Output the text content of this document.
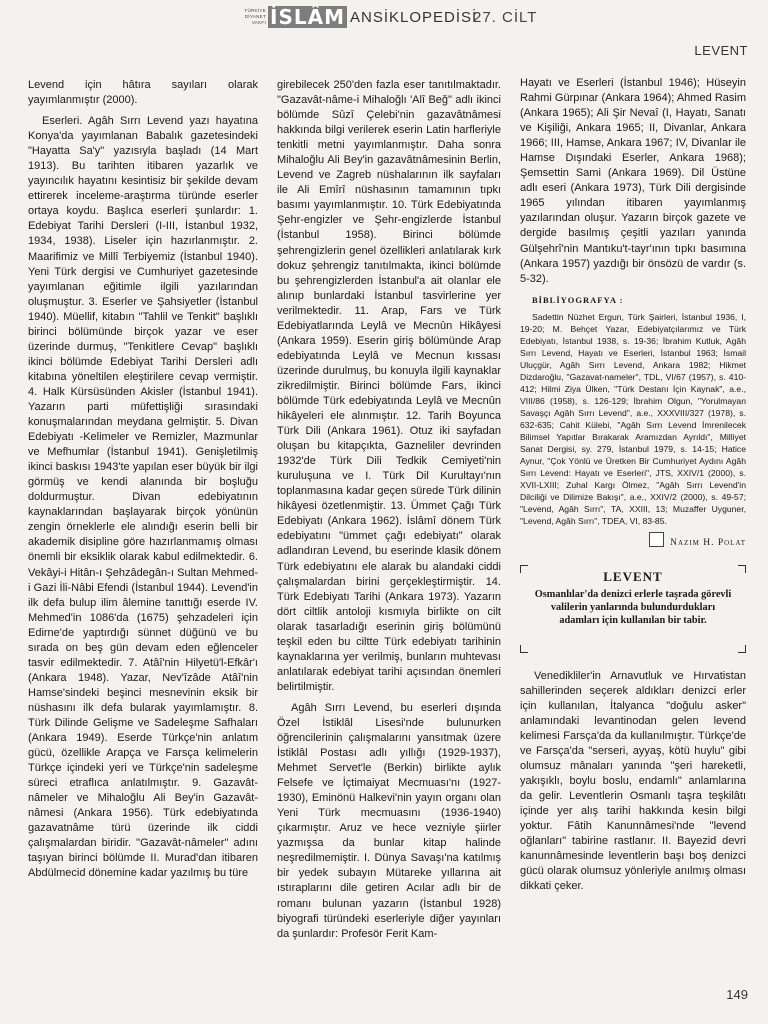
TÜRKİYE
DİYANET
VAKFI İSLÂM ANSİKLOPEDİSİ
27. CİLT
LEVENT

Levend için hâtıra sayıları olarak yayımlanmıştır (2000).

Eserleri. Agâh Sırrı Levend yazı hayatına Konya'da yayımlanan Babalık gazetesindeki "Hayatta Sa'y" yazısıyla başladı (14 Mart 1913). Bu tarihten itibaren yazarlık ve yayıncılık hayatını kesintisiz bir şekilde devam ettirerek inceleme-araştırma türünde eserler ortaya koydu. Başlıca eserleri şunlardır: 1. Edebiyat Tarihi Dersleri (I-III, İstanbul 1932, 1934, 1938). Liseler için hazırlanmıştır. 2. Maarifimiz ve Millî Terbiyemiz (İstanbul 1940). Yeni Türk dergisi ve Cumhuriyet gazetesinde yayımlanan eğitimle ilgili yazılarından oluşmuştur. 3. Eserler ve Şahsiyetler (İstanbul 1940). Müellif, kitabın "Tahlil ve Tenkit" başlıklı birinci bölümünde birçok yazar ve eser üzerinde durmuş, "Tenkitlere Cevap" başlıklı ikinci bölümde Edebiyat Tarihi Dersleri adlı kitabına yöneltilen eleştirilere cevap vermiştir. 4. Halk Kürsüsünden Akisler (İstanbul 1941). Yazarın parti müfettişliği sırasındaki konuşmalarından meydana gelmiştir. 5. Divan Edebiyatı -Kelimeler ve Remizler, Mazmunlar ve Mefhumlar (İstanbul 1941). Genişletilmiş ikinci baskısı 1943'te yapılan eser büyük bir ilgi görmüş ve kendi alanında bir boşluğu doldurmuştur. Divan edebiyatının kaynaklarından başlayarak birçok yönünün zengin örneklerle ele alındığı eserin belli bir akademik disipline göre hazırlanmamış olması önemli bir eksiklik olarak kabul edilmektedir. 6. Vekâyi-i Hitân-ı Şehzâdegân-ı Sultan Mehmed-i Gazi İli-Nâbi Efendi (İstanbul 1944). Levend'in ilk defa bulup ilim âlemine tanıttığı eserde IV. Mehmed'in 1086'da (1675) şehzadeleri için Edirne'de yaptırdığı sünnet düğünü ve bu sırada on beş gün devam eden eğlenceler tasvir edilmektedir. 7. Atâî'nin Hilyetü'l-Efkâr'ı (Ankara 1948). Yazar, Nev'îzâde Atâî'nin Hamse'sindeki beşinci mesnevinin eksik bir nüshasını ilk defa bularak yayımlamıştır. 8. Türk Dilinde Gelişme ve Sadeleşme Safhaları (Ankara 1949). Eserde Türkçe'nin anlatım gücü, özellikle Arapça ve Farsça kelimelerin Türkçe içindeki yeri ve Türkçe'nin sadeleşme süreci etraflıca anlatılmıştır. 9. Gazavât-nâmeler ve Mihaloğlu Ali Bey'in Gazavât-nâmesi (Ankara 1956). Türk edebiyatında gazavatnâme türü üzerinde ilk ciddi çalışmalardan biridir. "Gazavât-nâmeler" adını taşıyan birinci bölümde II. Murad'dan itibaren Abdülmecid dönemine kadar yazılmış bu türe

girebilecek 250'den fazla eser tanıtılmaktadır. "Gazavât-nâme-i Mihaloğlı 'Alî Beğ" adlı ikinci bölümde Sûzî Çelebi'nin gazavâtnâmesi hakkında bilgi verilerek eserin Latin harfleriyle tenkitli metni yayımlanmıştır. Daha sonra Mihaloğlu Ali Bey'in gazavâtnâmesinin Berlin, Levend ve Zagreb nüshalarının ilk sayfaları ile Ali Emîrî nüshasının tamamının tıpkı basımı yayımlanmıştır. 10. Türk Edebiyatında Şehr-engizler ve Şehr-engizlerde İstanbul (İstanbul 1958). Birinci bölümde şehrengizlerin genel özellikleri anlatılarak kırk dokuz şehrengiz tanıtılmakta, ikinci bölümde bu şehrengizlerden İstanbul'a ait olanlar ele alınıp bunlardaki İstanbul tasvirlerine yer verilmektedir. 11. Arap, Fars ve Türk Edebiyatlarında Leylâ ve Mecnûn Hikâyesi (Ankara 1959). Eserin giriş bölümünde Arap edebiyatında Leylâ ve Mecnun kıssası üzerinde durulmuş, bu konuyla ilgili kaynaklar zikredilmiştir. Birinci bölümde Fars, ikinci bölümde Türk edebiyatında Leylâ ve Mecnûn hikâyeleri ele alınmıştır. 12. Tarih Boyunca Türk Dili (Ankara 1961). Otuz iki sayfadan oluşan bu kitapçıkta, Gazneliler devrinden 1932'de Türk Dili Tedkik Cemiyeti'nin kuruluşuna ve I. Türk Dil Kurultayı'nın toplanmasına kadar geçen sürede Türk dilinin hikâyesi özetlenmiştir. 13. Ümmet Çağı Türk Edebiyatı (Ankara 1962). İslâmî dönem Türk edebiyatını "ümmet çağı edebiyatı" olarak adlandıran Levend, bu eserinde klasik dönem Türk edebiyatını ele alarak bu alandaki ciddi çalışmalardan birini gerçekleştirmiştir. 14. Türk Edebiyatı Tarihi (Ankara 1973). Yazarın dört ciltlik antoloji kısmıyla birlikte on cilt olarak tasarladığı eserinin giriş bölümünü teşkil eden bu ciltte Türk edebiyatı tarihinin kaynaklarına yer verilmiş, bunların muhtevası anlatılarak edebiyat tarihi açısından önemleri belirtilmiştir.

Agâh Sırrı Levend, bu eserleri dışında Özel İstiklâl Lisesi'nde bulunurken öğrencilerinin çalışmalarını yansıtmak üzere İstiklâl Postası adlı yıllığı (1929-1937), Mehmet Servet'le (Berkin) birlikte aylık Felsefe ve İçtimaiyat Mecmuası'nı (1927-1930), Eminönü Halkevi'nin yayın organı olan Yeni Türk mecmuasını (1936-1940) çıkarmıştır. Aruz ve hece vezniyle şiirler yazmışsa da bunlar kitap halinde neşredilmemiştir. I. Dünya Savaşı'na katılmış bir yedek subayın Mütareke yıllarına ait ıstıraplarını dile getiren Acılar adlı bir de romanı bulunan yazarın (İstanbul 1928) biyografi türündeki eserleriyle diğer yayınları da şunlardır: Profesör Ferit Kam-

Hayatı ve Eserleri (İstanbul 1946); Hüseyin Rahmi Gürpınar (Ankara 1964); Ahmed Rasim (Ankara 1965); Ali Şir Nevaî (I, Hayatı, Sanatı ve Kişiliği, Ankara 1965; II, Divanlar, Ankara 1966; III, Hamse, Ankara 1967; IV, Divanlar ile Hamse Dışındaki Eserler, Ankara 1968); Şemsettin Sami (Ankara 1969). Dil Üstüne adlı eseri (Ankara 1973), Türk Dili dergisinde 1965 yılından itibaren yayımlanmış yazılarından oluşur. Yazarın birçok gazete ve dergide basılmış çeşitli yazıları yanında Gülşehrî'nin Mantıku't-tayr'ının tıpkı basımına (Ankara 1957) yazdığı bir önsözü de vardır (s. 5-32).

BİBLİYOGRAFYA :

Sadettin Nüzhet Ergun, Türk Şairleri, İstanbul 1936, I, 19-20; M. Behçet Yazar, Edebiyatçılarımız ve Türk Edebiyatı, İstanbul 1938, s. 19-36; İbrahim Kutluk, Agâh Sırrı Levend, Hayatı ve Eserleri, İstanbul 1963; İsmail Uluçgür, Agâh Sırrı Levend, Ankara 1982; Hikmet Dizdaroğlu, "Gazavat-nameler", TDL, VI/67 (1957), s. 410-412; Hilmi Ziya Ülken, "Türk Destanı İçin Kaynak", a.e., VIII/86 (1958), s. 126-129; İbrahim Olgun, "Yorulmayan Savaşçı Agâh Sırrı Levend", a.e., XXXVIII/327 (1978), s. 632-635; Cahit Külebi, "Agâh Sırrı Levend İmrenilecek Bilimsel Yapıtlar Bırakarak Aramızdan Ayrıldı", Milliyet Sanat Dergisi, sy. 279, İstanbul 1979, s. 14-15; Hatice Aynur, "Çok Yönlü ve Üretken Bir Cumhuriyet Aydını Agâh Sırrı Levend: Hayatı ve Eserleri", JTS, XXIV/1 (2000), s. XVII-LXIII; Zuhal Kargı Ölmez, "Agâh Sırrı Levend'in Dilciliği ve Dilimize Bakışı", a.e., XXIV/2 (2000), s. 49-57; "Levend, Agâh Sırrı", TA, XXIII, 13; Muzaffer Uyguner, "Levend, Agâh Sırrı", TDEA, VI, 83-85.

Nazım H. Polat
LEVENT
Osmanlılar'da denizci erlerle taşrada görevli valilerin yanlarında bulundurdukları adamları için kullanılan bir tabir.

Venedikliler'in Arnavutluk ve Hırvatistan sahillerinden seçerek aldıkları denizci erler için kullanılan, İtalyanca "doğulu asker" anlamındaki levantinodan gelen levend kelimesi Farsça'da da kullanılmıştır. Türkçe'de ve Farsça'da "serseri, ayyaş, kötü huylu" gibi olumsuz mânaları yanında "şeri hareketli, yakışıklı, boylu boslu, endamlı" anlamlarına da gelir. Leventlerin Osmanlı taşra teşkilâtı içinde yer alış tarihi hakkında kesin bilgi yoktur. Fâtih Kanunnâmesi'nde "levend oğlanları" tabirine rastlanır. II. Bayezid devri kanunnâmesinde leventlerin başı boş denizci gücü olarak olumsuz yönleriyle anılmış olması dikkati çeker.

149
